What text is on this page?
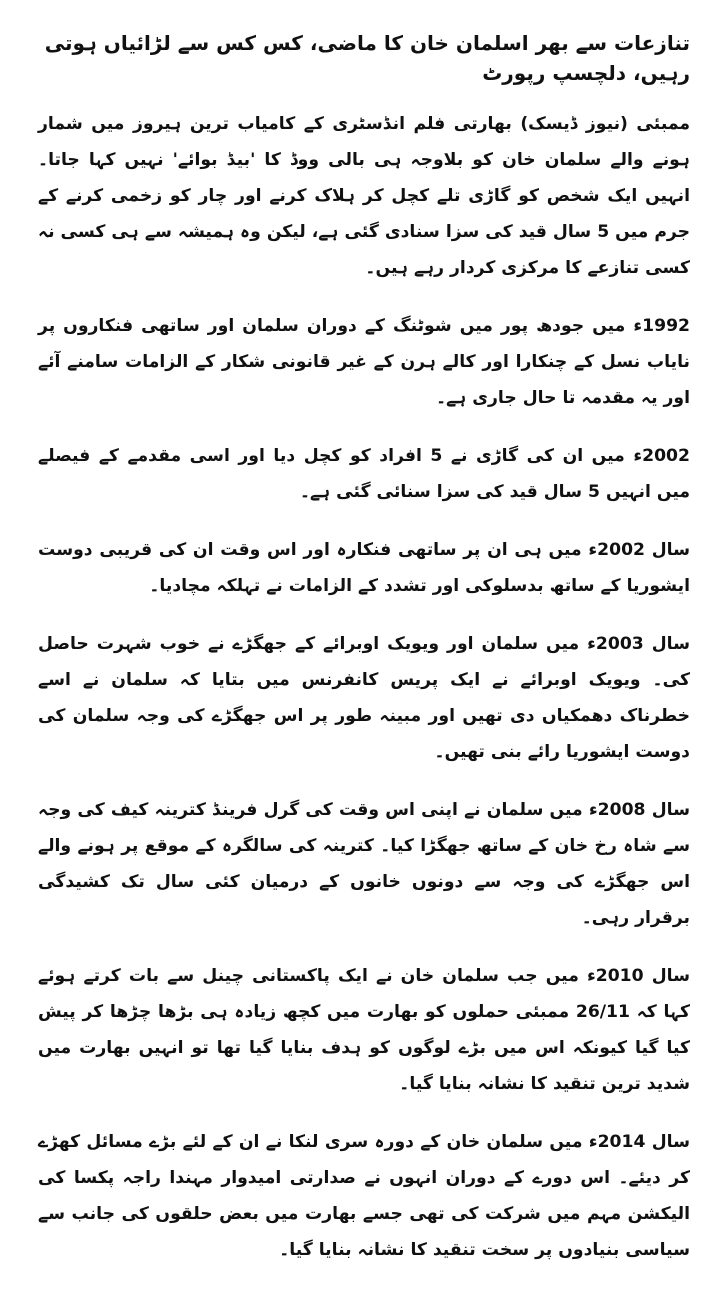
تنازعات سے بھر اسلمان خان کا ماضی، کس کس سے لڑائیاں ہوتی رہیں، دلچسپ رپورٹ

ممبئی (نیوز ڈیسک) بھارتی فلم انڈسٹری کے کامیاب ترین ہیروز میں شمار ہونے والے سلمان خان کو بلاوجہ ہی بالی ووڈ کا 'بیڈ بوائے' نہیں کہا جاتا۔ انہیں ایک شخص کو گاڑی تلے کچل کر ہلاک کرنے اور چار کو زخمی کرنے کے جرم میں 5 سال قید کی سزا سنادی گئی ہے، لیکن وہ ہمیشہ سے ہی کسی نہ کسی تنازعے کا مرکزی کردار رہے ہیں۔

1992ء میں جودھ پور میں شوٹنگ کے دوران سلمان اور ساتھی فنکاروں پر نایاب نسل کے چنکارا اور کالے ہرن کے غیر قانونی شکار کے الزامات سامنے آئے اور یہ مقدمہ تا حال جاری ہے۔

2002ء میں ان کی گاڑی نے 5 افراد کو کچل دیا اور اسی مقدمے کے فیصلے میں انہیں 5 سال قید کی سزا سنائی گئی ہے۔

سال 2002ء میں ہی ان پر ساتھی فنکارہ اور اس وقت ان کی قریبی دوست ایشوریا کے ساتھ بدسلوکی اور تشدد کے الزامات نے تہلکہ مچادیا۔

سال 2003ء میں سلمان اور ویویک اوبرائے کے جھگڑے نے خوب شہرت حاصل کی۔ ویویک اوبرائے نے ایک پریس کانفرنس میں بتایا کہ سلمان نے اسے خطرناک دھمکیاں دی تھیں اور مبینہ طور پر اس جھگڑے کی وجہ سلمان کی دوست ایشوریا رائے بنی تھیں۔

سال 2008ء میں سلمان نے اپنی اس وقت کی گرل فرینڈ کترینہ کیف کی وجہ سے شاہ رخ خان کے ساتھ جھگڑا کیا۔ کترینہ کی سالگرہ کے موقع پر ہونے والے اس جھگڑے کی وجہ سے دونوں خانوں کے درمیان کئی سال تک کشیدگی برقرار رہی۔

سال 2010ء میں جب سلمان خان نے ایک پاکستانی چینل سے بات کرتے ہوئے کہا کہ 26/11 ممبئی حملوں کو بھارت میں کچھ زیادہ ہی بڑھا چڑھا کر پیش کیا گیا کیونکہ اس میں بڑے لوگوں کو ہدف بنایا گیا تھا تو انہیں بھارت میں شدید ترین تنقید کا نشانہ بنایا گیا۔

سال 2014ء میں سلمان خان کے دورہ سری لنکا نے ان کے لئے بڑے مسائل کھڑے کر دیئے۔ اس دورے کے دوران انہوں نے صدارتی امیدوار مہندا راجہ پکسا کی الیکشن مہم میں شرکت کی تھی جسے بھارت میں بعض حلقوں کی جانب سے سیاسی بنیادوں پر سخت تنقید کا نشانہ بنایا گیا۔
